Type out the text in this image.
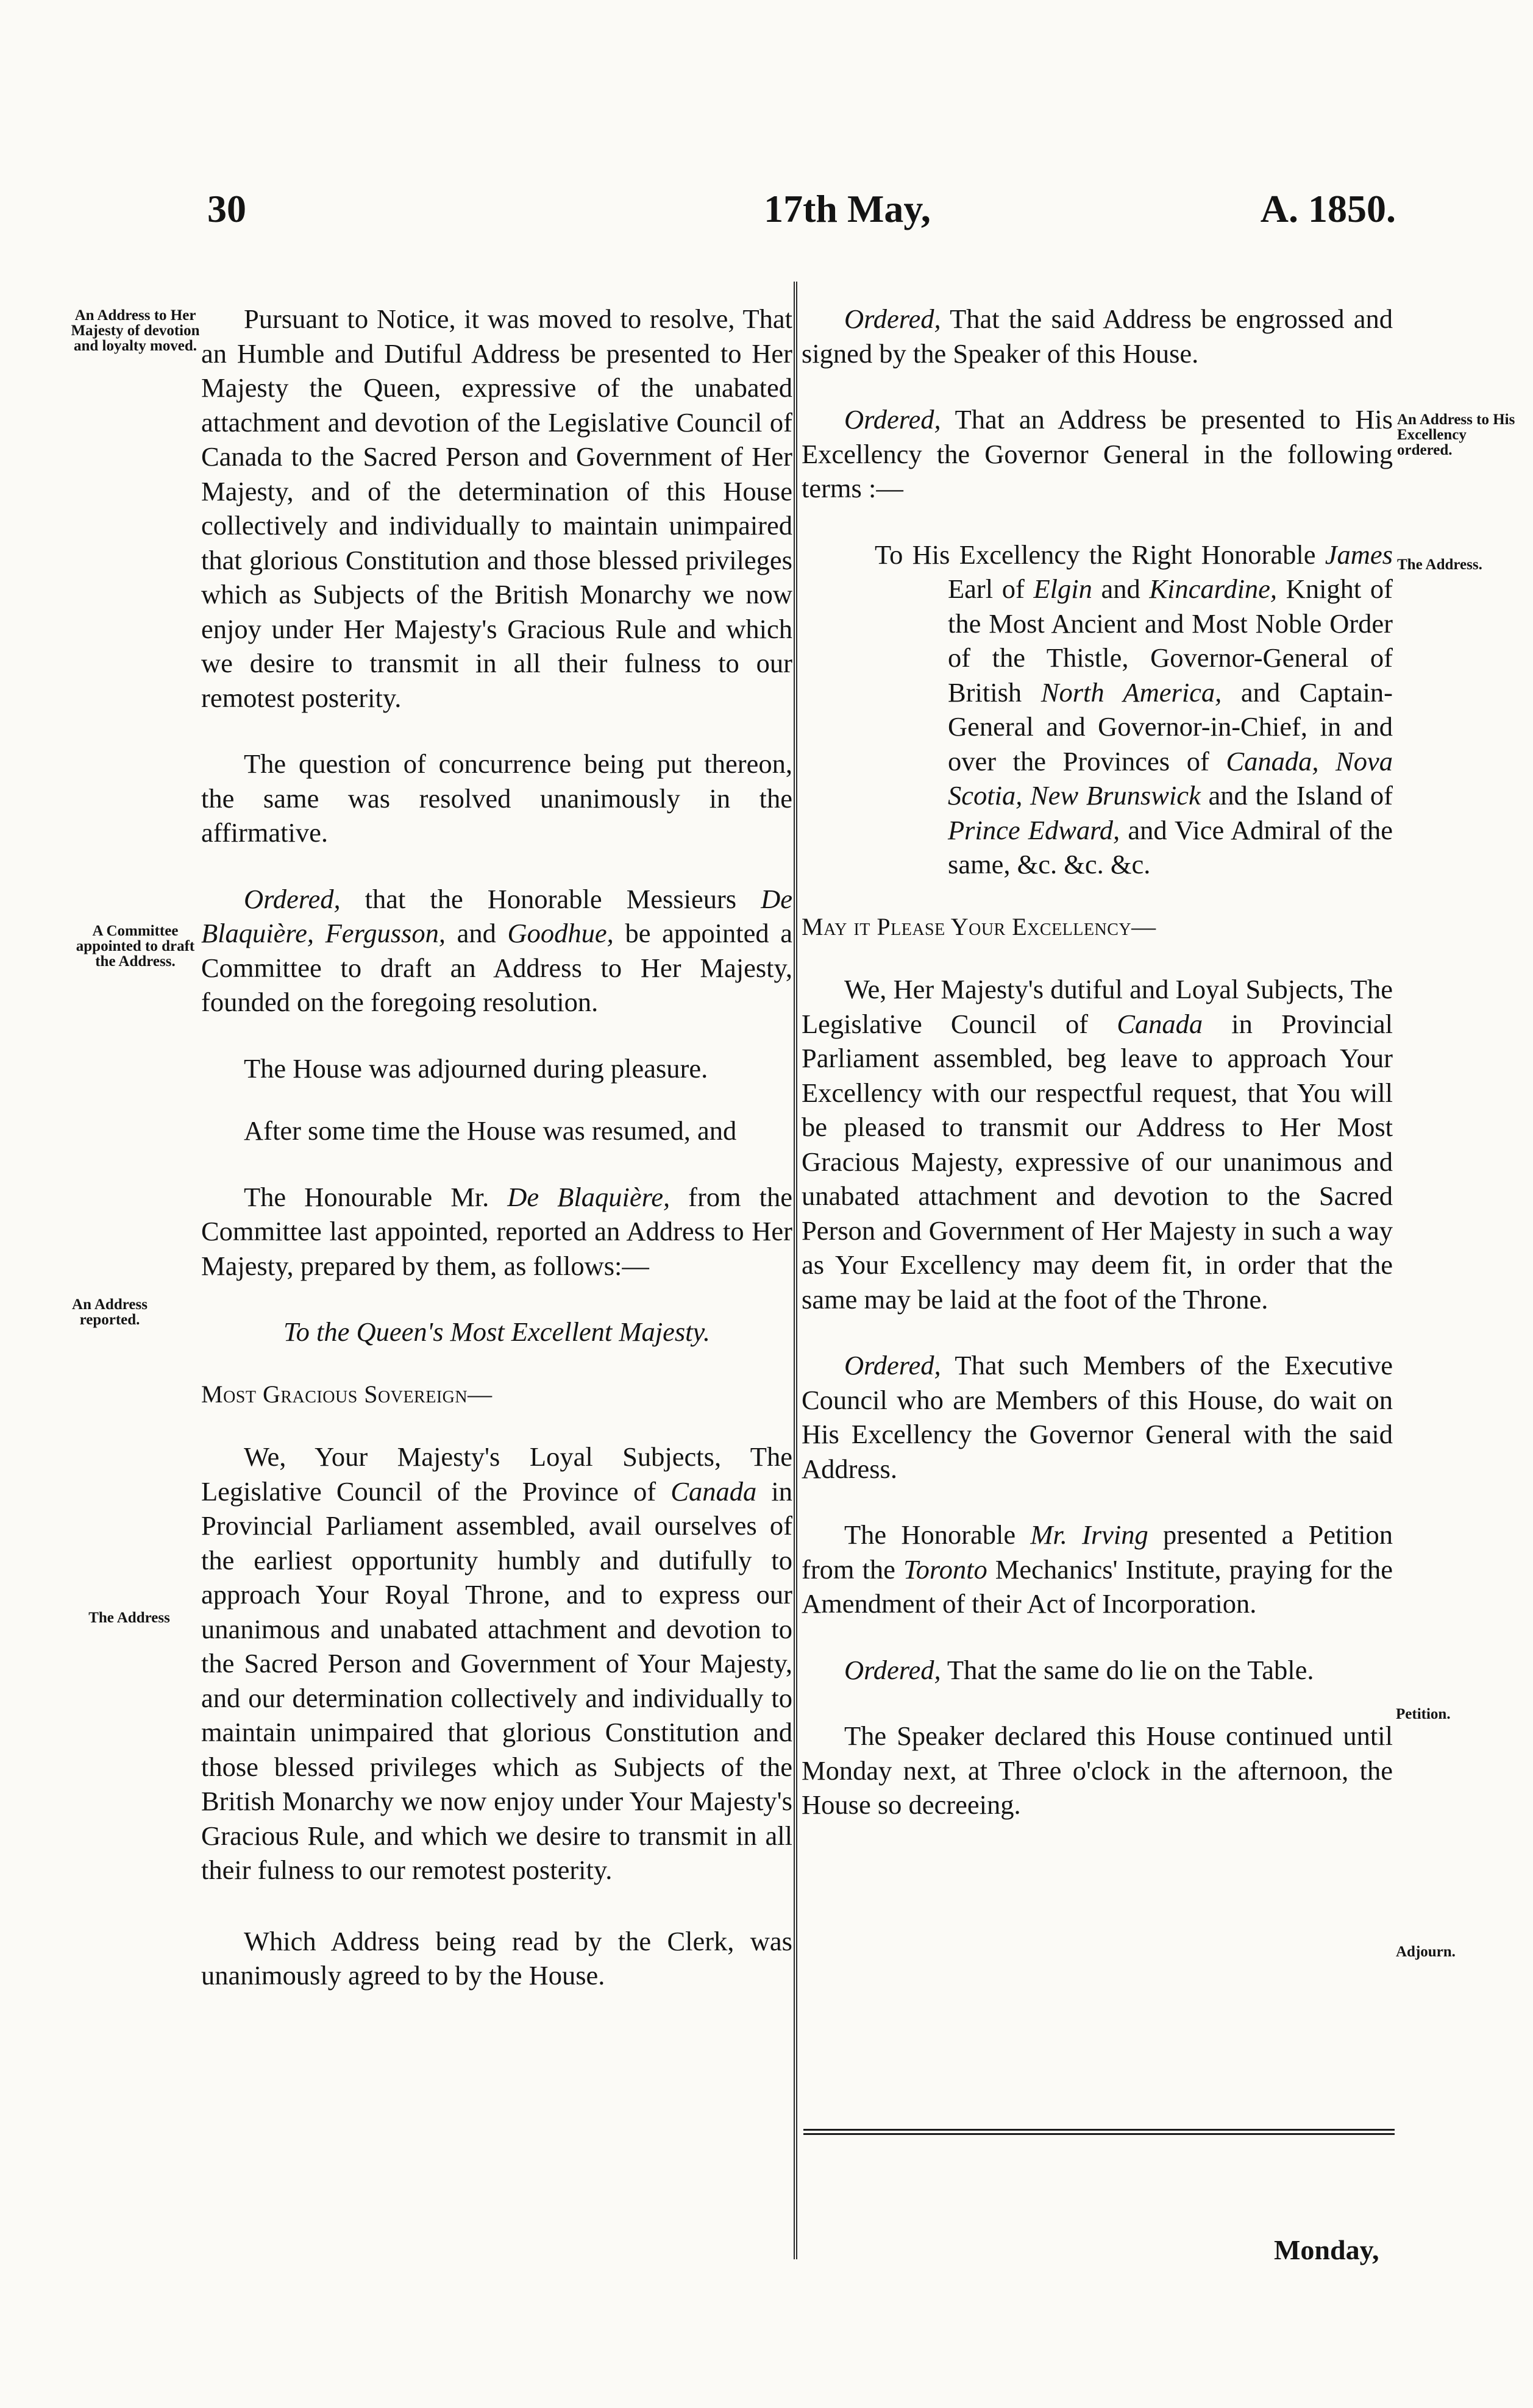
30	17th May,	A. 1850.
An Address to Her Majesty of devotion and loyalty moved.
A Committee appointed to draft the Address.
An Address reported.
The Address
An Address to His Excellency ordered.
The Address.
Petition.
Adjourn.

Pursuant to Notice, it was moved to resolve, That an Humble and Dutiful Address be presented to Her Majesty the Queen, expressive of the unabated attachment and devotion of the Legislative Council of Canada to the Sacred Person and Government of Her Majesty, and of the determination of this House collectively and individually to maintain unimpaired that glorious Constitution and those blessed privileges which as Subjects of the British Monarchy we now enjoy under Her Majesty's Gracious Rule and which we desire to transmit in all their fulness to our remotest posterity.

The question of concurrence being put thereon, the same was resolved unanimously in the affirmative.

Ordered, that the Honorable Messieurs De Blaquière, Fergusson, and Goodhue, be appointed a Committee to draft an Address to Her Majesty, founded on the foregoing resolution.

The House was adjourned during pleasure.

After some time the House was resumed, and

The Honourable Mr. De Blaquière, from the Committee last appointed, reported an Address to Her Majesty, prepared by them, as follows:—

To the Queen's Most Excellent Majesty.

Most Gracious Sovereign—

We, Your Majesty's Loyal Subjects, The Legislative Council of the Province of Canada in Provincial Parliament assembled, avail ourselves of the earliest opportunity humbly and dutifully to approach Your Royal Throne, and to express our unanimous and unabated attachment and devotion to the Sacred Person and Government of Your Majesty, and our determination collectively and individually to maintain unimpaired that glorious Constitution and those blessed privileges which as Subjects of the British Monarchy we now enjoy under Your Majesty's Gracious Rule, and which we desire to transmit in all their fulness to our remotest posterity.

Which Address being read by the Clerk, was unanimously agreed to by the House.

Ordered, That the said Address be engrossed and signed by the Speaker of this House.

Ordered, That an Address be presented to His Excellency the Governor General in the following terms :—

To His Excellency the Right Honorable James Earl of Elgin and Kincardine, Knight of the Most Ancient and Most Noble Order of the Thistle, Governor-General of British North America, and Captain-General and Governor-in-Chief, in and over the Provinces of Canada, Nova Scotia, New Brunswick and the Island of Prince Edward, and Vice Admiral of the same, &c. &c. &c.

May it Please Your Excellency—

We, Her Majesty's dutiful and Loyal Subjects, The Legislative Council of Canada in Provincial Parliament assembled, beg leave to approach Your Excellency with our respectful request, that You will be pleased to transmit our Address to Her Most Gracious Majesty, expressive of our unanimous and unabated attachment and devotion to the Sacred Person and Government of Her Majesty in such a way as Your Excellency may deem fit, in order that the same may be laid at the foot of the Throne.

Ordered, That such Members of the Executive Council who are Members of this House, do wait on His Excellency the Governor General with the said Address.

The Honorable Mr. Irving presented a Petition from the Toronto Mechanics' Institute, praying for the Amendment of their Act of Incorporation.

Ordered, That the same do lie on the Table.

The Speaker declared this House continued until Monday next, at Three o'clock in the afternoon, the House so decreeing.

Monday,
